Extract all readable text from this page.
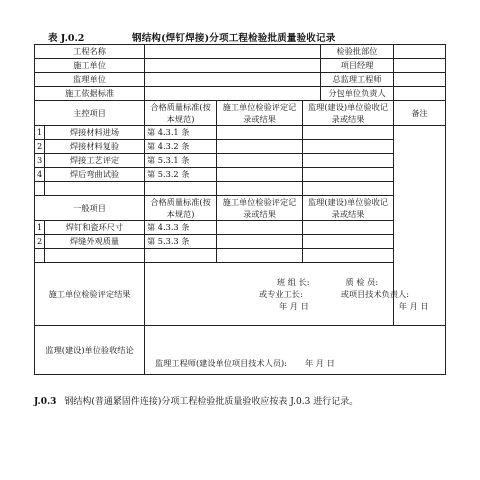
表 J.0.2	钢结构(焊钉焊接)分项工程检验批质量验收记录
工程名称					检验批部位	
施工单位					项目经理	
监理单位					总监理工程师	
施工依据标准					分包单位负责人	
主控项目		合格质量标准(按本规范)	施工单位检验评定记录或结果	监理(建设)单位验收记录或结果		备注
1	焊接材料进场	第 4.3.1 条				
2	焊接材料复验	第 4.3.2 条				
3	焊接工艺评定	第 5.3.1 条				
4	焊后弯曲试验	第 5.3.2 条				

一般项目		合格质量标准(按本规范)	施工单位检验评定记录或结果	监理(建设)单位验收记录或结果		
1	焊钉和瓷环尺寸	第 4.3.3 条				
2	焊缝外观质量	第 5.3.3 条				

施工单位检验评定结果		班 组 长: 质 检 员:
或专业工长: 或项目技术负责人:
年 月 日 年 月 日				

监理(建设)单位验收结论		监理工程师(建设单位项目技术人员): 年 月 日				
J.0.3 钢结构(普通紧固件连接)分项工程检验批质量验收应按表 J.0.3 进行记录。
